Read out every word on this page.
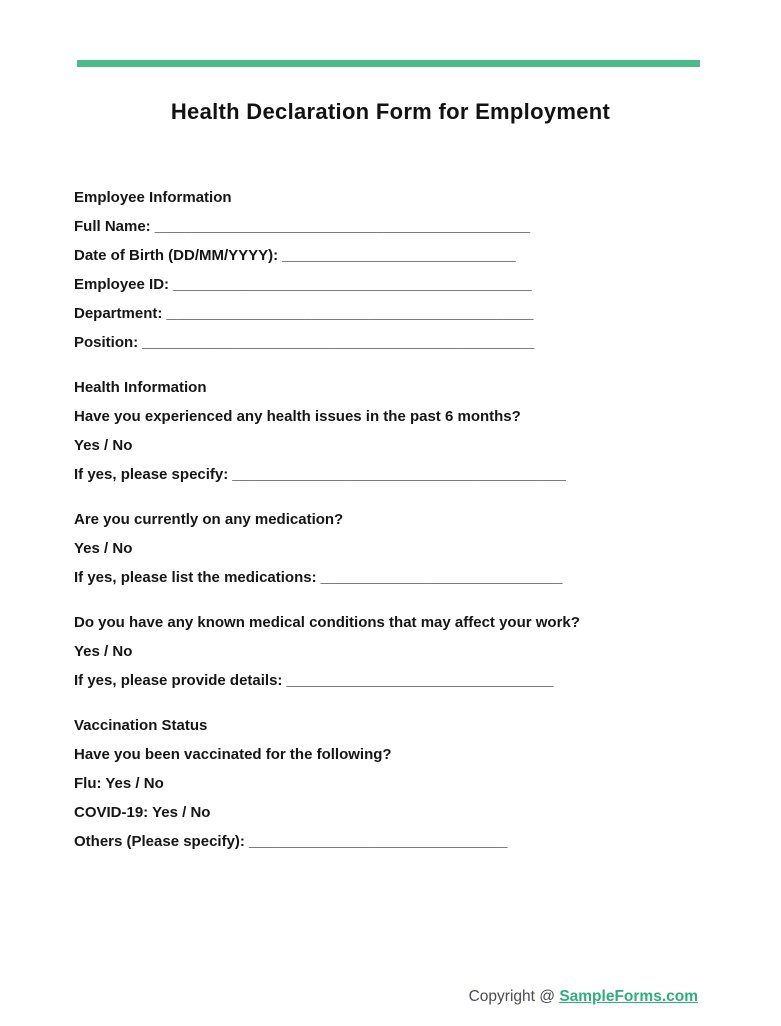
Health Declaration Form for Employment

Employee Information

Full Name: _____________________________________________

Date of Birth (DD/MM/YYYY): ____________________________

Employee ID: ___________________________________________

Department: ____________________________________________

Position: _______________________________________________

Health Information

Have you experienced any health issues in the past 6 months?

Yes / No

If yes, please specify: ________________________________________

Are you currently on any medication?

Yes / No

If yes, please list the medications: _____________________________

Do you have any known medical conditions that may affect your work?

Yes / No

If yes, please provide details: ________________________________

Vaccination Status

Have you been vaccinated for the following?

Flu: Yes / No

COVID-19: Yes / No

Others (Please specify): _______________________________

Copyright @ SampleForms.com
